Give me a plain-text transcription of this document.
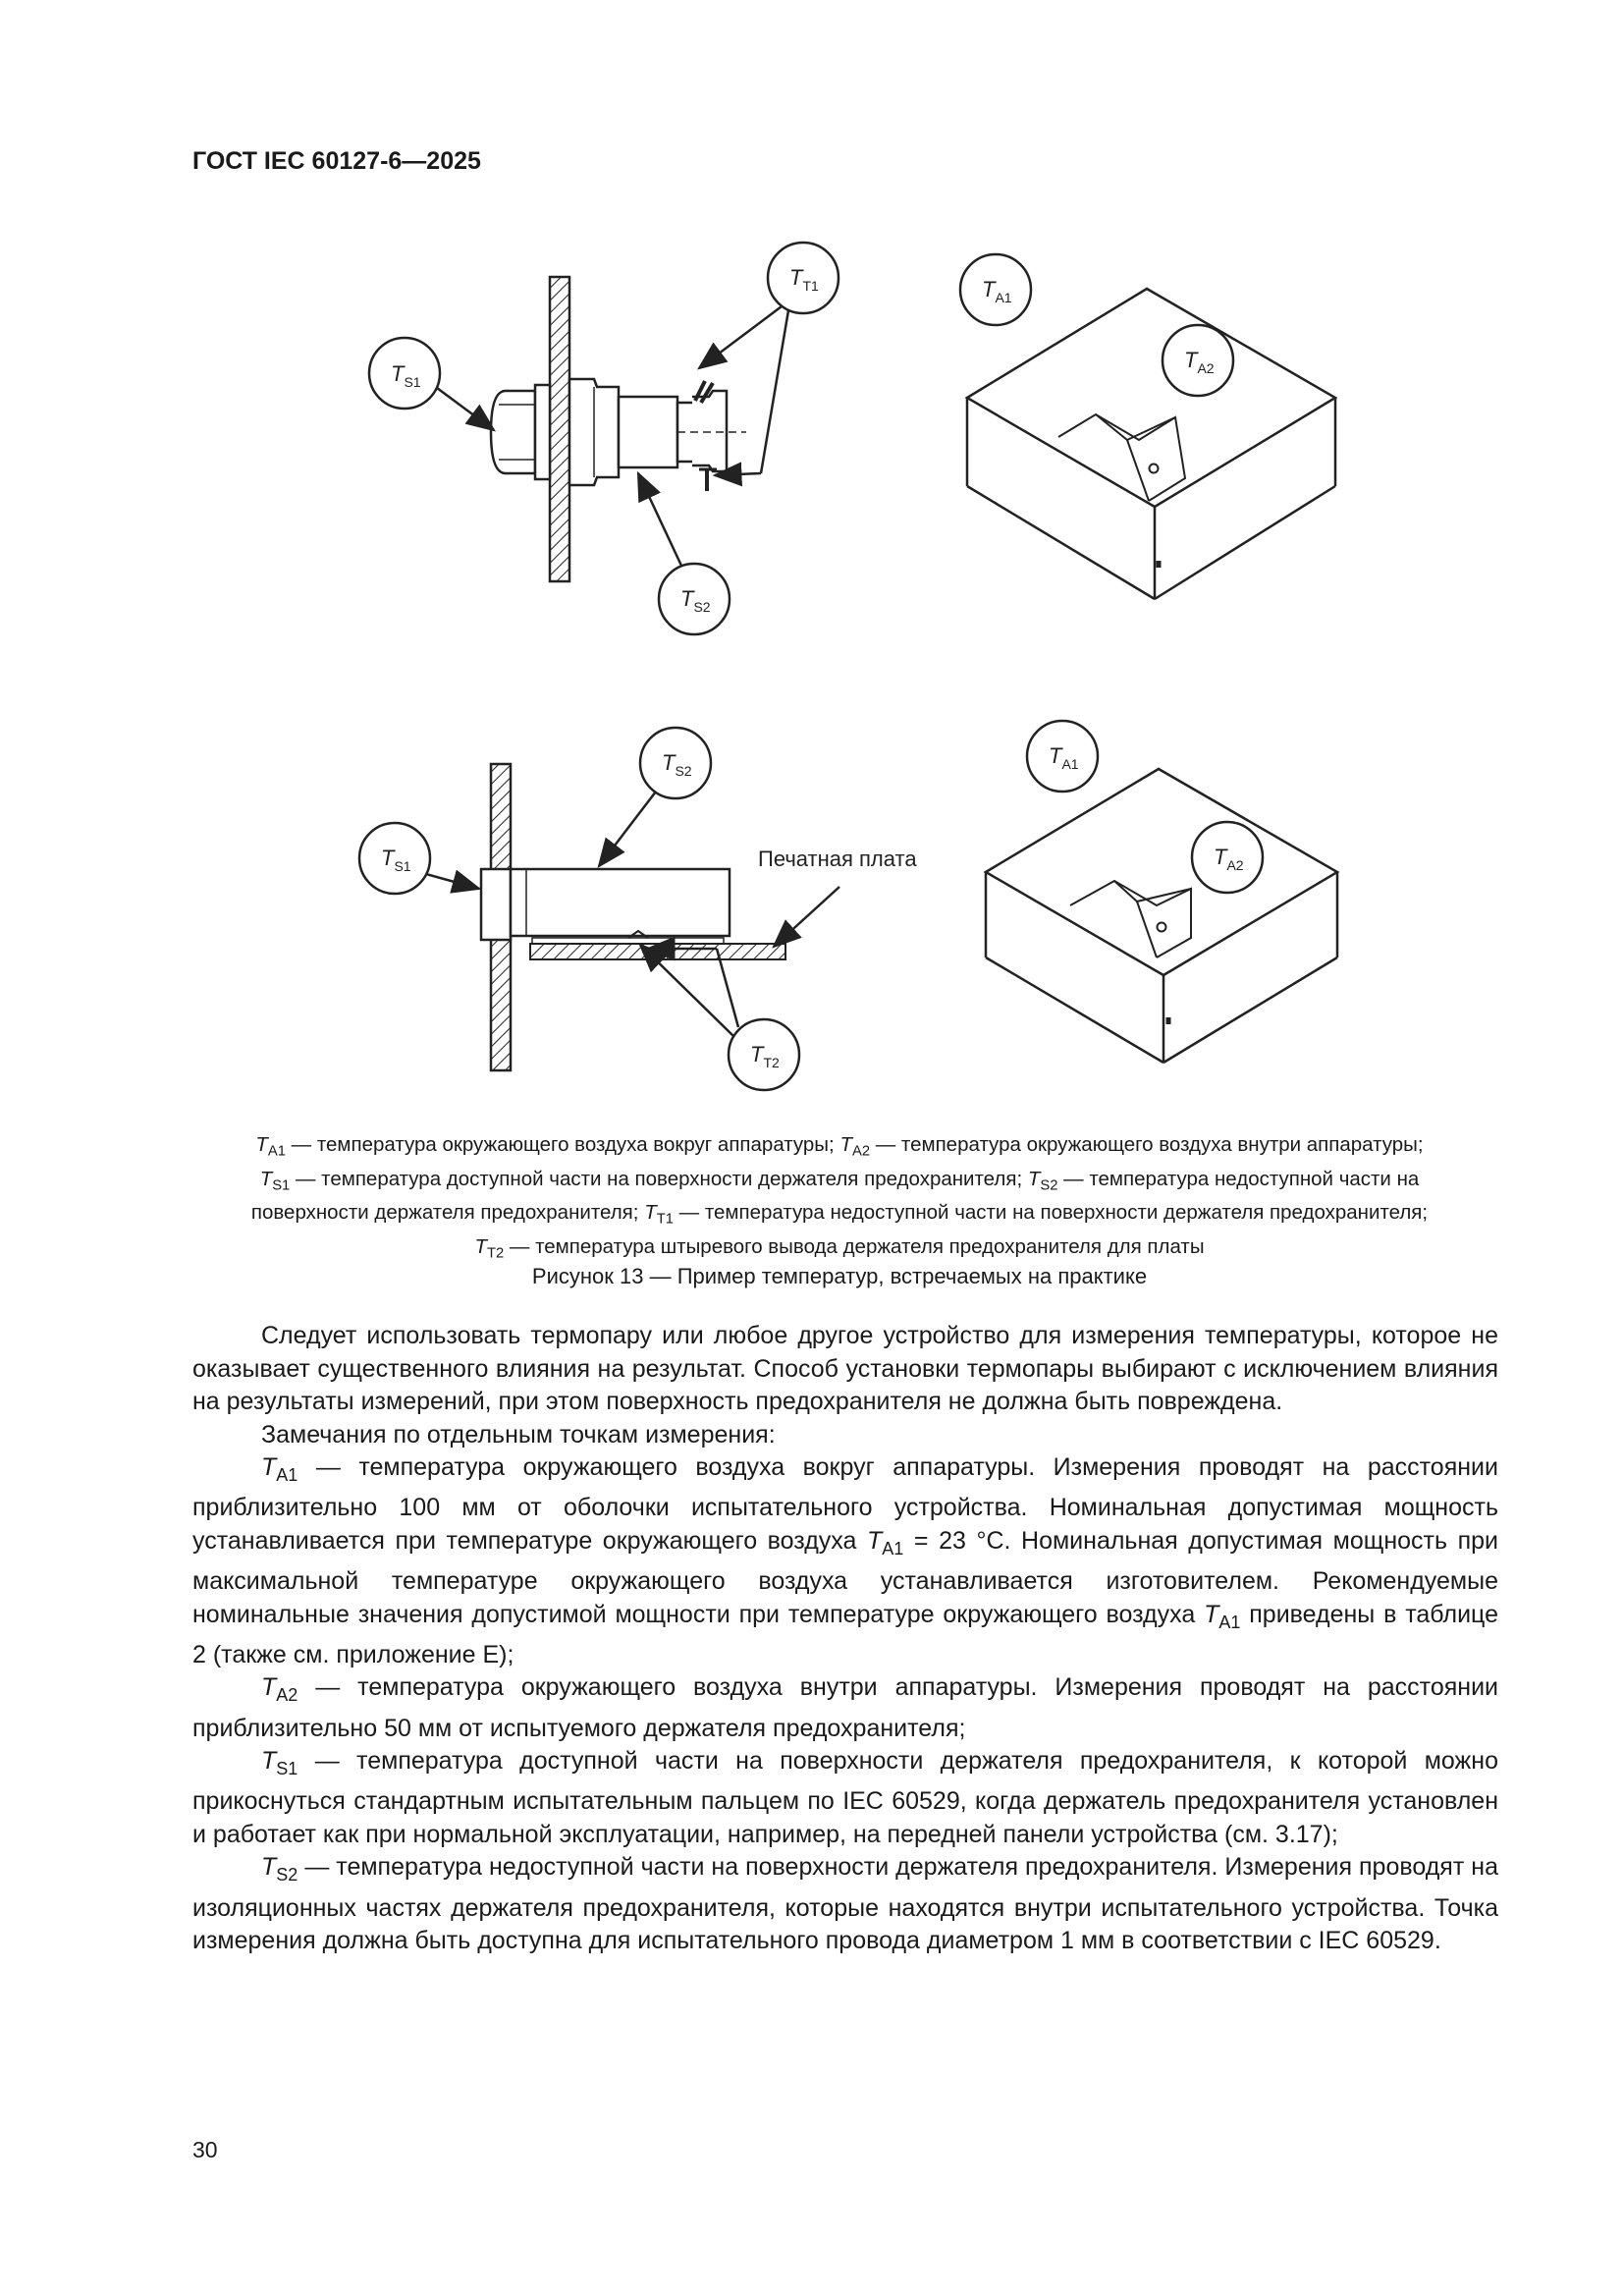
ГОСТ IEC 60127-6—2025
$T_{S1}$
$T_{T1}$
$T_{S2}$
$T_{A1}$
$T_{A2}$
$T_{S1}$
$T_{S2}$
$T_{T2}$
$T_{A1}$
$T_{A2}$
Печатная плата
$T_{A1}$ — температура окружающего воздуха вокруг аппаратуры; $T_{A2}$ — температура окружающего воздуха внутри аппаратуры;
$T_{S1}$ — температура доступной части на поверхности держателя предохранителя; $T_{S2}$ — температура недоступной части на
поверхности держателя предохранителя; $T_{T1}$ — температура недоступной части на поверхности держателя предохранителя;
$T_{T2}$ — температура штыревого вывода держателя предохранителя для платы
Рисунок 13 — Пример температур, встречаемых на практике
Следует использовать термопару или любое другое устройство для измерения температуры, которое не оказывает существенного влияния на результат. Способ установки термопары выбирают с исключением влияния на результаты измерений, при этом поверхность предохранителя не должна быть повреждена.
Замечания по отдельным точкам измерения:
$T_{A1}$ — температура окружающего воздуха вокруг аппаратуры. Измерения проводят на расстоянии приблизительно 100 мм от оболочки испытательного устройства. Номинальная допустимая мощность устанавливается при температуре окружающего воздуха $T_{A1} = 23$ °С. Номинальная допустимая мощность при максимальной температуре окружающего воздуха устанавливается изготовителем. Рекомендуемые номинальные значения допустимой мощности при температуре окружающего воздуха $T_{A1}$ приведены в таблице 2 (также см. приложение Е);
$T_{A2}$ — температура окружающего воздуха внутри аппаратуры. Измерения проводят на расстоянии приблизительно 50 мм от испытуемого держателя предохранителя;
$T_{S1}$ — температура доступной части на поверхности держателя предохранителя, к которой можно прикоснуться стандартным испытательным пальцем по IEC 60529, когда держатель предохранителя установлен и работает как при нормальной эксплуатации, например, на передней панели устройства (см. 3.17);
$T_{S2}$ — температура недоступной части на поверхности держателя предохранителя. Измерения проводят на изоляционных частях держателя предохранителя, которые находятся внутри испытательного устройства. Точка измерения должна быть доступна для испытательного провода диаметром 1 мм в соответствии с IEC 60529.
30
